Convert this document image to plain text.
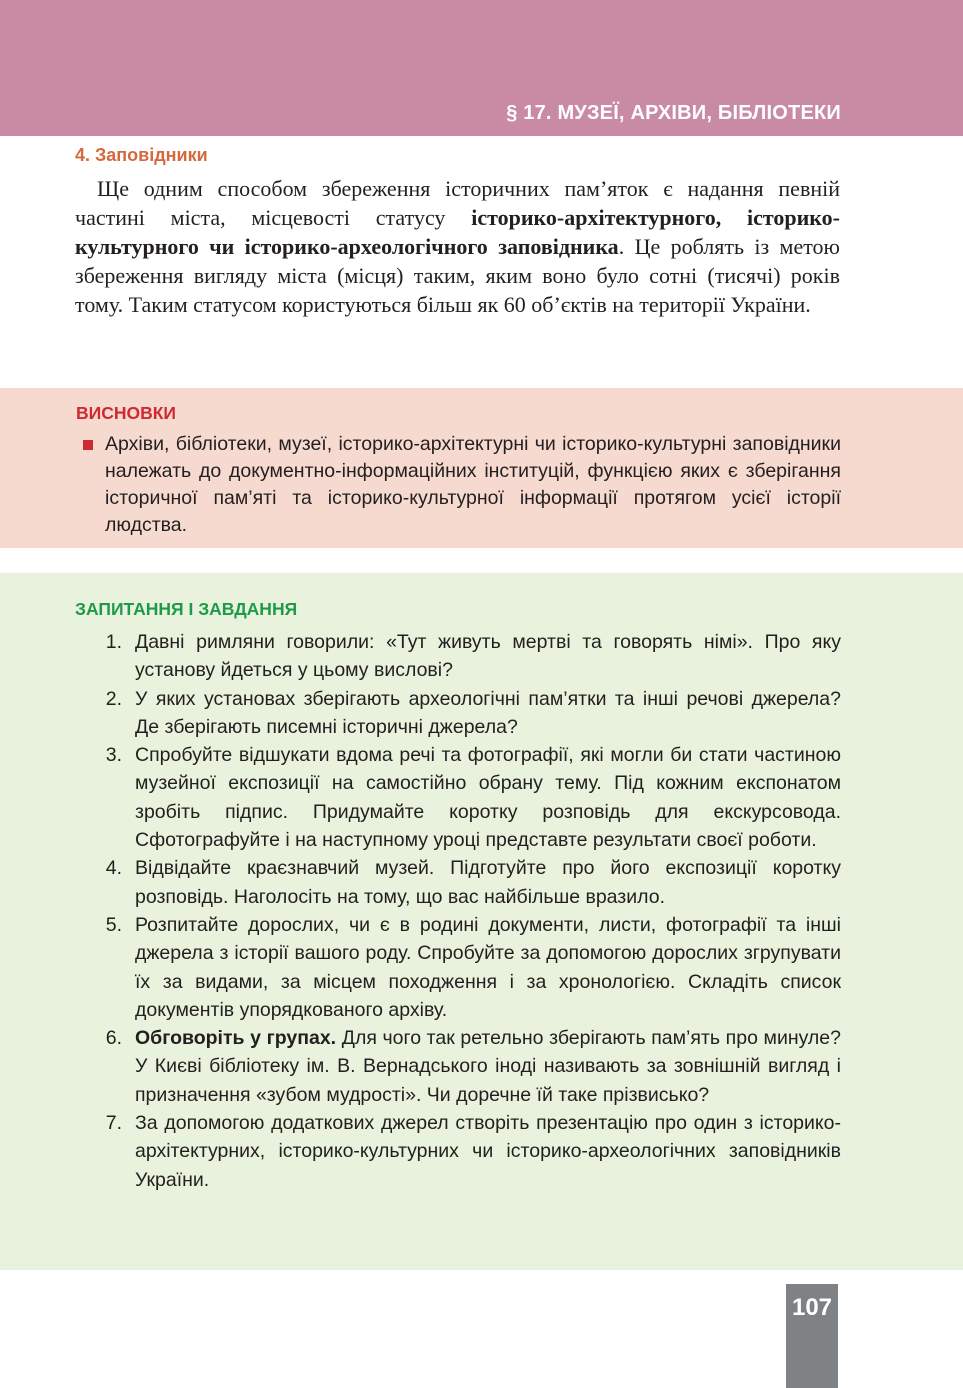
§ 17. МУЗЕЇ, АРХІВИ, БІБЛІОТЕКИ
4. Заповідники
Ще одним способом збереження історичних пам’яток є надання певній частині міста, місцевості статусу історико-архітектурного, історико-культурного чи історико-археологічного заповідника. Це роблять із метою збереження вигляду міста (місця) таким, яким воно було сотні (тисячі) років тому. Таким статусом користуються більш як 60 об’єктів на території України.
ВИСНОВКИ
Архіви, бібліотеки, музеї, історико-архітектурні чи історико-культурні заповідники належать до документно-інформаційних інституцій, функцією яких є зберігання історичної пам’яті та історико-культурної інформації протягом усієї історії людства.
ЗАПИТАННЯ І ЗАВДАННЯ
1. Давні римляни говорили: «Тут живуть мертві та говорять німі». Про яку установу йдеться у цьому вислові?
2. У яких установах зберігають археологічні пам’ятки та інші речові джерела? Де зберігають писемні історичні джерела?
3. Спробуйте відшукати вдома речі та фотографії, які могли би стати частиною музейної експозиції на самостійно обрану тему. Під кожним експонатом зробіть підпис. Придумайте коротку розповідь для екскурсовода. Сфотографуйте і на наступному уроці представте результати своєї роботи.
4. Відвідайте краєзнавчий музей. Підготуйте про його експозиції коротку розповідь. Наголосіть на тому, що вас найбільше вразило.
5. Розпитайте дорослих, чи є в родині документи, листи, фотографії та інші джерела з історії вашого роду. Спробуйте за допомогою дорослих згрупувати їх за видами, за місцем походження і за хронологією. Складіть список документів упорядкованого архіву.
6. Обговоріть у групах. Для чого так ретельно зберігають пам’ять про минуле? У Києві бібліотеку ім. В. Вернадського іноді називають за зовнішній вигляд і призначення «зубом мудрості». Чи доречне їй таке прізвисько?
7. За допомогою додаткових джерел створіть презентацію про один з історико-архітектурних, історико-культурних чи історико-археологічних заповідників України.
107
